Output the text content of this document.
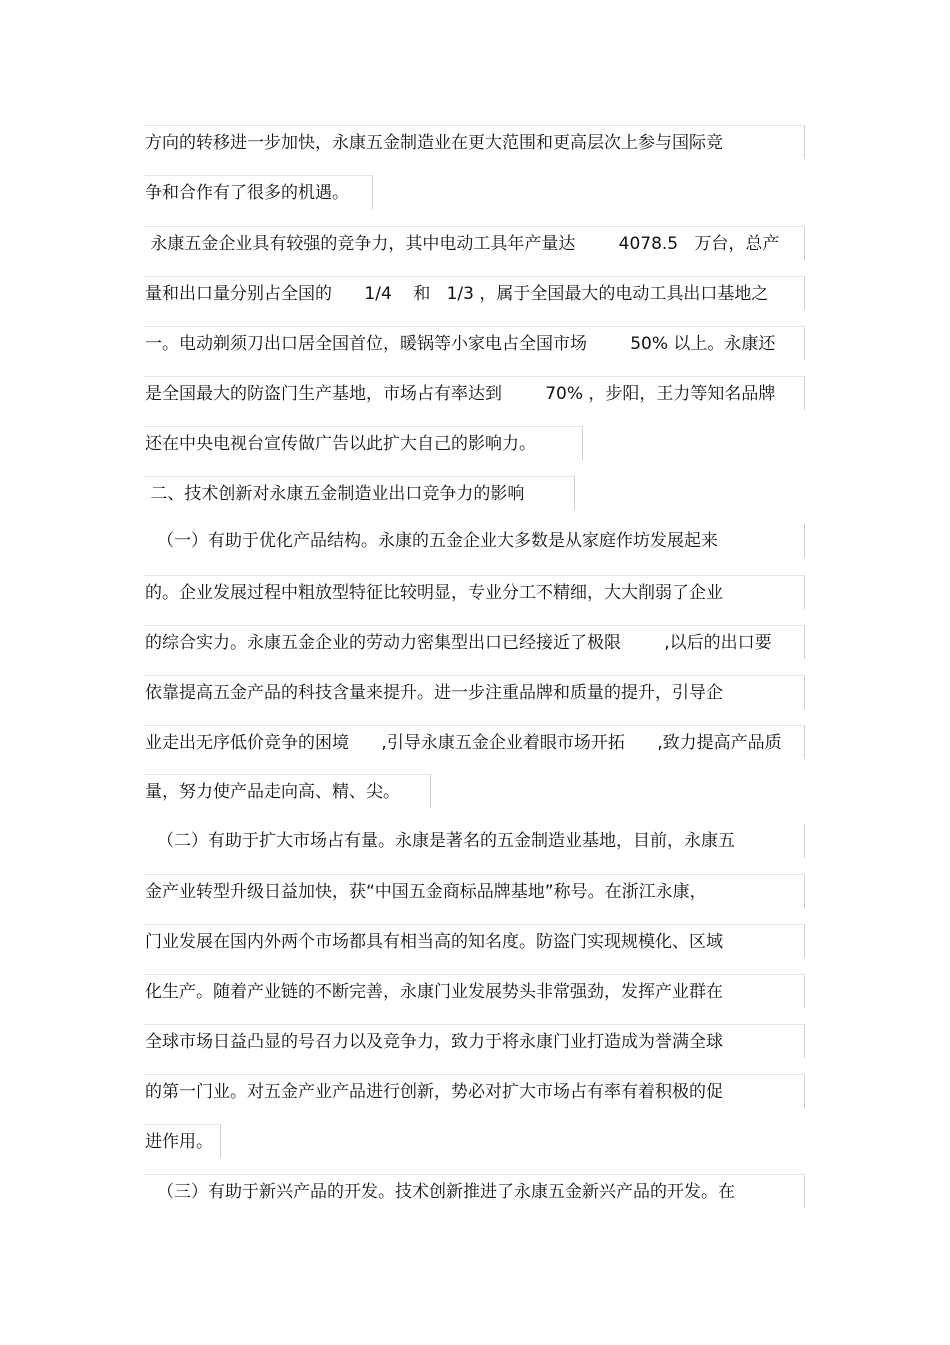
方向的转移进一步加快，永康五金制造业在更大范围和更高层次上参与国际竞
争和合作有了很多的机遇。
永康五金企业具有较强的竞争力，其中电动工具年产量达        4078.5   万台，总产
量和出口量分别占全国的      1/4    和   1/3 ，属于全国最大的电动工具出口基地之
一。电动剃须刀出口居全国首位，暖锅等小家电占全国市场        50% 以上。永康还
是全国最大的防盗门生产基地，市场占有率达到        70% ，步阳，王力等知名品牌
还在中央电视台宣传做广告以此扩大自己的影响力。
二、技术创新对永康五金制造业出口竞争力的影响
（一）有助于优化产品结构。永康的五金企业大多数是从家庭作坊发展起来
的。企业发展过程中粗放型特征比较明显，专业分工不精细，大大削弱了企业
的综合实力。永康五金企业的劳动力密集型出口已经接近了极限        ,以后的出口要
依靠提高五金产品的科技含量来提升。进一步注重品牌和质量的提升，引导企
业走出无序低价竞争的困境      ,引导永康五金企业着眼市场开拓      ,致力提高产品质
量，努力使产品走向高、精、尖。
（二）有助于扩大市场占有量。永康是著名的五金制造业基地，目前，永康五
金产业转型升级日益加快，获“中国五金商标品牌基地”称号。在浙江永康，
门业发展在国内外两个市场都具有相当高的知名度。防盗门实现规模化、区域
化生产。随着产业链的不断完善，永康门业发展势头非常强劲，发挥产业群在
全球市场日益凸显的号召力以及竞争力，致力于将永康门业打造成为誉满全球
的第一门业。对五金产业产品进行创新，势必对扩大市场占有率有着积极的促
进作用。
（三）有助于新兴产品的开发。技术创新推进了永康五金新兴产品的开发。在
